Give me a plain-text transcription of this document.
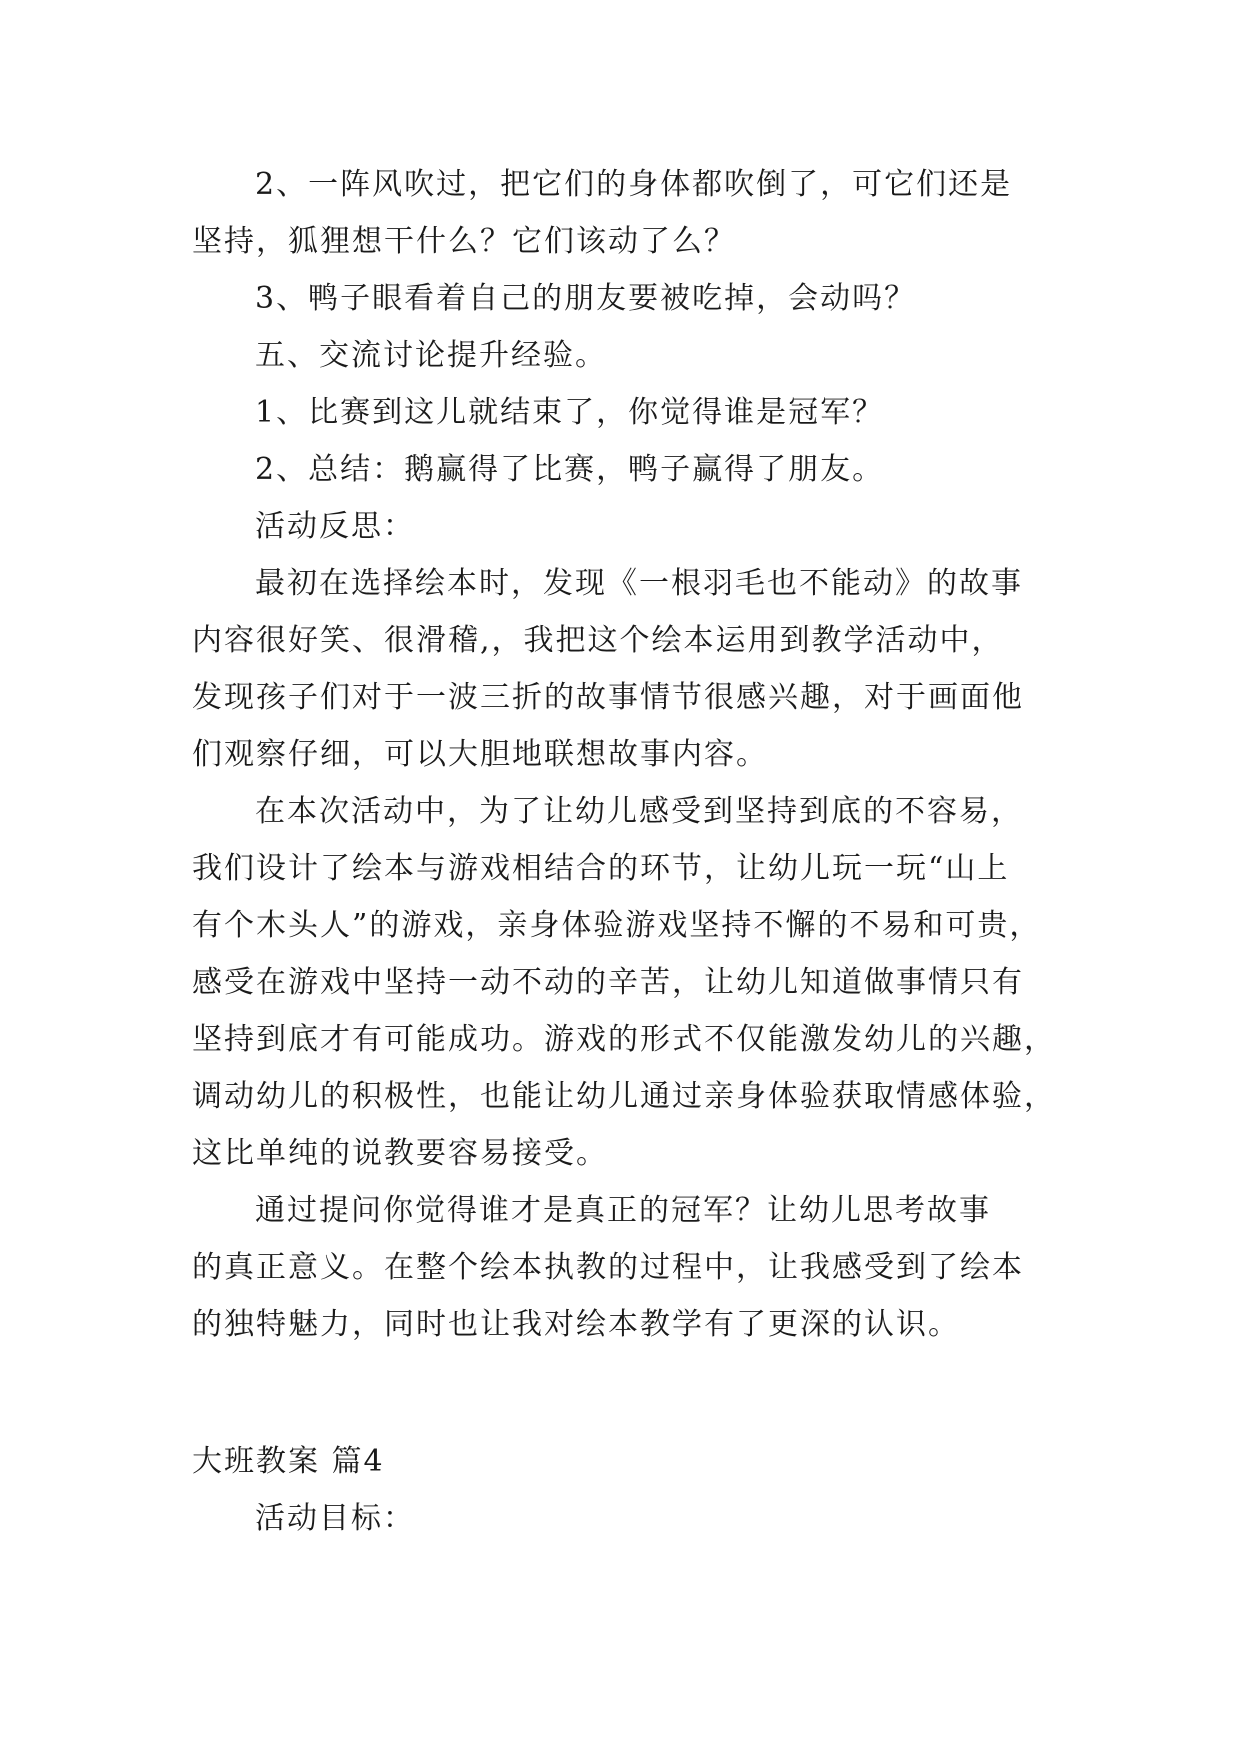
2、一阵风吹过，把它们的身体都吹倒了，可它们还是
坚持，狐狸想干什么？它们该动了么？
3、鸭子眼看着自己的朋友要被吃掉，会动吗？
五、交流讨论提升经验。
1、比赛到这儿就结束了，你觉得谁是冠军？
2、总结：鹅赢得了比赛，鸭子赢得了朋友。
活动反思：
最初在选择绘本时，发现《一根羽毛也不能动》的故事
内容很好笑、很滑稽,，我把这个绘本运用到教学活动中，
发现孩子们对于一波三折的故事情节很感兴趣，对于画面他
们观察仔细，可以大胆地联想故事内容。
在本次活动中，为了让幼儿感受到坚持到底的不容易，
我们设计了绘本与游戏相结合的环节，让幼儿玩一玩“山上
有个木头人”的游戏，亲身体验游戏坚持不懈的不易和可贵，
感受在游戏中坚持一动不动的辛苦，让幼儿知道做事情只有
坚持到底才有可能成功。游戏的形式不仅能激发幼儿的兴趣，
调动幼儿的积极性，也能让幼儿通过亲身体验获取情感体验，
这比单纯的说教要容易接受。
通过提问你觉得谁才是真正的冠军？让幼儿思考故事
的真正意义。在整个绘本执教的过程中，让我感受到了绘本
的独特魅力，同时也让我对绘本教学有了更深的认识。
大班教案 篇4
活动目标：
